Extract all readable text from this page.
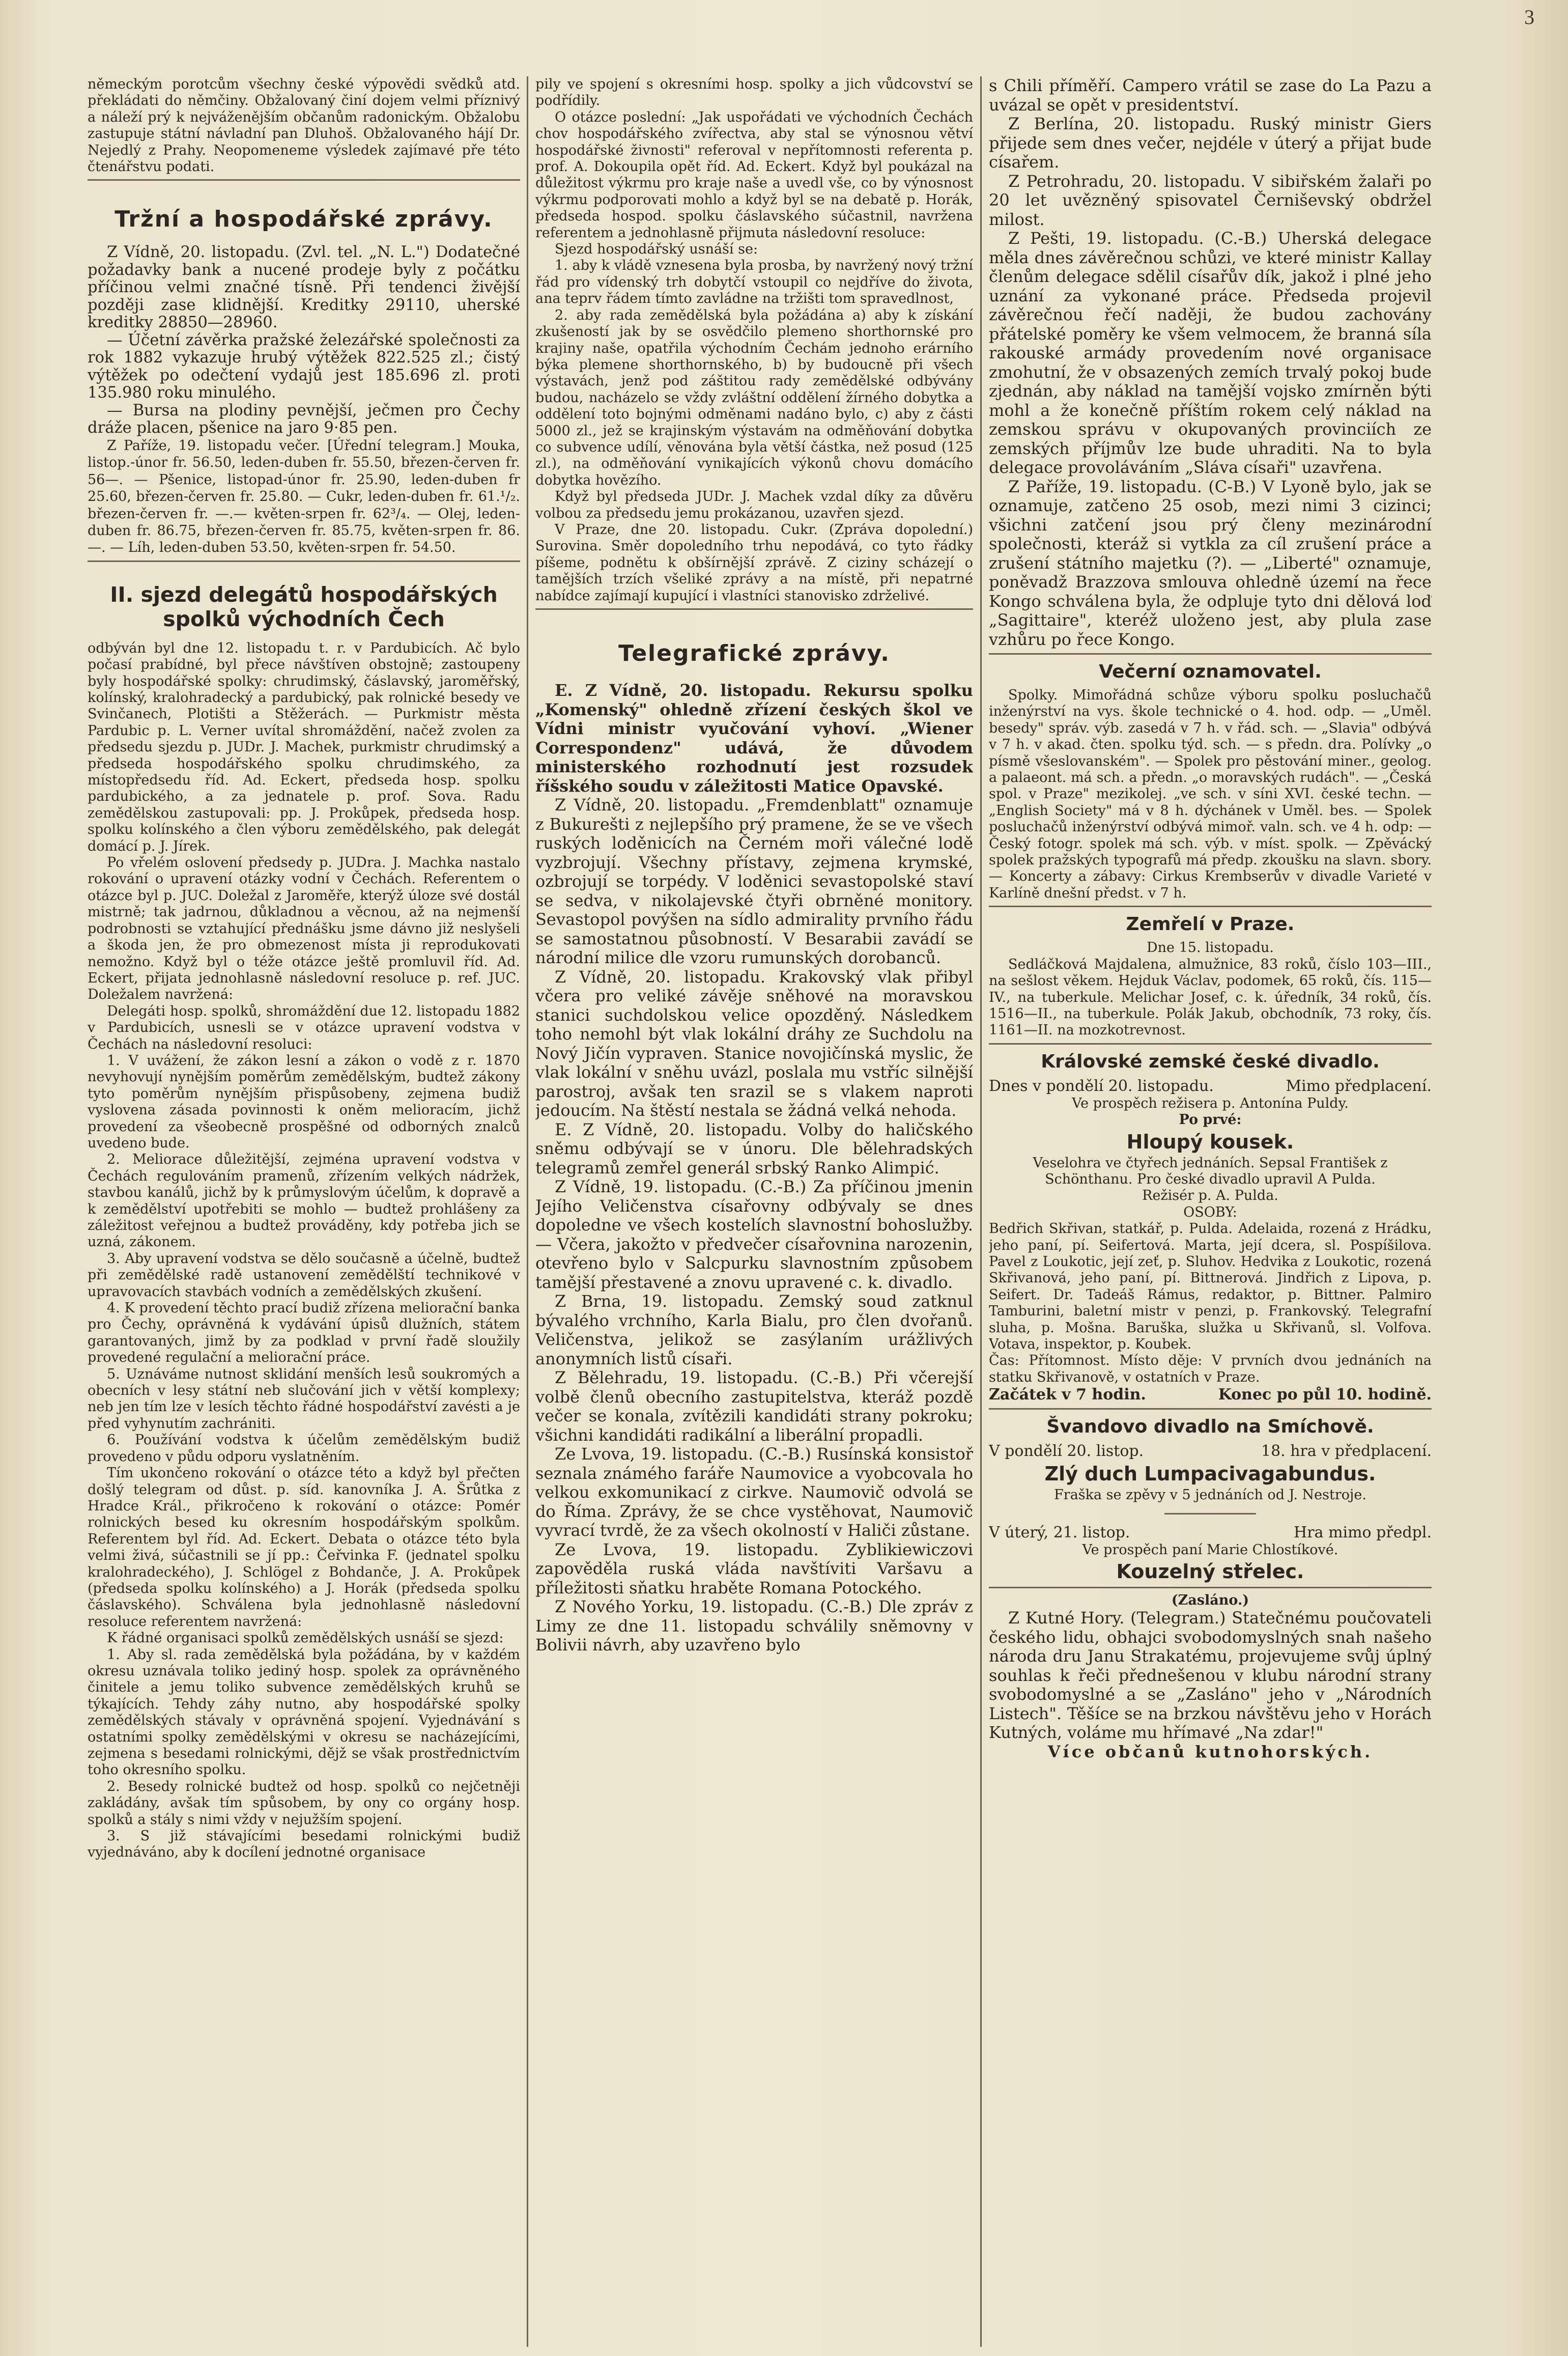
3

německým porotcům všechny české výpovědi svědků atd. překládati do němčiny. Obžalovaný činí dojem velmi příznivý a náleží prý k nejváženějším občanům radonickým. Obžalobu zastupuje státní návladní pan Dluhoš. Obžalovaného hájí Dr. Nejedlý z Prahy. Neopomeneme výsledek zajímavé pře této čtenářstvu podati.

Tržní a hospodářské zprávy.

Z Vídně, 20. listopadu. (Zvl. tel. „N. L.") Dodatečné požadavky bank a nucené prodeje byly z počátku příčinou velmi značné tísně. Při tendenci živější později zase klidnější. Kreditky 29110, uherské kreditky 28850—28960.

— Účetní závěrka pražské železářské společnosti za rok 1882 vykazuje hrubý výtěžek 822.525 zl.; čistý výtěžek po odečtení vydajů jest 185.696 zl. proti 135.980 roku minulého.

— Bursa na plodiny pevnější, ječmen pro Čechy dráže placen, pšenice na jaro 9·85 pen.

Z Paříže, 19. listopadu večer. [Úřední telegram.] Mouka, listop.-únor fr. 56.50, leden-duben fr. 55.50, březen-červen fr. 56—. — Pšenice, listopad-únor fr. 25.90, leden-duben fr 25.60, březen-červen fr. 25.80. — Cukr, leden-duben fr. 61.¹/₂. březen-červen fr. —.— květen-srpen fr. 62³/₄. — Olej, leden-duben fr. 86.75, březen-červen fr. 85.75, květen-srpen fr. 86.—. — Líh, leden-duben 53.50, květen-srpen fr. 54.50.

II. sjezd delegátů hospodářských spolků východních Čech

odbýván byl dne 12. listopadu t. r. v Pardubicích. Ač bylo počasí prabídné, byl přece návštíven obstojně; zastoupeny byly hospodářské spolky: chrudimský, čáslavský, jaroměřský, kolínský, kralohradecký a pardubický, pak rolnické besedy ve Svinčanech, Plotišti a Stěžerách. — Purkmistr města Pardubic p. L. Verner uvítal shromáždění, načež zvolen za předsedu sjezdu p. JUDr. J. Machek, purkmistr chrudimský a předseda hospodářského spolku chrudimského, za místopředsedu říd. Ad. Eckert, předseda hosp. spolku pardubického, a za jednatele p. prof. Sova. Radu zemědělskou zastupovali: pp. J. Prokůpek, předseda hosp. spolku kolínského a člen výboru zemědělského, pak delegát domácí p. J. Jírek.

Po vřelém oslovení předsedy p. JUDra. J. Machka nastalo rokování o upravení otázky vodní v Čechách. Referentem o otázce byl p. JUC. Doležal z Jaroměře, kterýž úloze své dostál mistrně; tak jadrnou, důkladnou a věcnou, až na nejmenší podrobnosti se vztahující přednášku jsme dávno již neslyšeli a škoda jen, že pro obmezenost místa ji reprodukovati nemožno. Když byl o téže otázce ještě promluvil říd. Ad. Eckert, přijata jednohlasně následovní resoluce p. ref. JUC. Doležalem navržená:

Delegáti hosp. spolků, shromáždění due 12. listopadu 1882 v Pardubicích, usnesli se v otázce upravení vodstva v Čechách na následovní resoluci:

1. V uvážení, že zákon lesní a zákon o vodě z r. 1870 nevyhovují nynějším poměrům zemědělským, budtež zákony tyto poměrům nynějším přispůsobeny, zejmena budiž vyslovena zásada povinnosti k oněm melioracím, jichž provedení za všeobecně prospěšné od odborných znalců uvedeno bude.

2. Meliorace důležitější, zejména upravení vodstva v Čechách regulováním pramenů, zřízením velkých nádržek, stavbou kanálů, jichž by k průmyslovým účelům, k dopravě a k zemědělství upotřebiti se mohlo — budtež prohlášeny za záležitost veřejnou a budtež prováděny, kdy potřeba jich se uzná, zákonem.

3. Aby upravení vodstva se dělo současně a účelně, budtež při zemědělské radě ustanovení zemědělští technikové v upravovacích stavbách vodních a zemědělských zkušení.

4. K provedení těchto prací budiž zřízena meliorační banka pro Čechy, oprávněná k vydávání úpisů dlužních, státem garantovaných, jimž by za podklad v první řadě sloužily provedené regulační a meliorační práce.

5. Uznáváme nutnost sklidání menších lesů soukromých a obecních v lesy státní neb slučování jich v větší komplexy; neb jen tím lze v lesích těchto řádné hospodářství zavésti a je před vyhynutím zachrániti.

6. Používání vodstva k účelům zemědělským budiž provedeno v půdu odporu vyslatněním.

Tím ukončeno rokování o otázce této a když byl přečten došlý telegram od důst. p. síd. kanovníka J. A. Šrůtka z Hradce Král., přikročeno k rokování o otázce: Pomér rolnických besed ku okresním hospodářským spolkům. Referentem byl říd. Ad. Eckert. Debata o otázce této byla velmi živá, súčastnili se jí pp.: Čeřvinka F. (jednatel spolku kralohradeckého), J. Schlögel z Bohdanče, J. A. Prokůpek (předseda spolku kolínského) a J. Horák (předseda spolku čáslavského). Schválena byla jednohlasně následovní resoluce referentem navržená:

K řádné organisaci spolků zemědělských usnáší se sjezd:

1. Aby sl. rada zemědělská byla požádána, by v každém okresu uznávala toliko jediný hosp. spolek za oprávněného činitele a jemu toliko subvence zemědělských kruhů se týkajících. Tehdy záhy nutno, aby hospodářské spolky zemědělských stávaly v oprávněná spojení. Vyjednávání s ostatními spolky zemědělskými v okresu se nacházejícími, zejmena s besedami rolnickými, dějž se však prostřednictvím toho okresního spolku.

2. Besedy rolnické budtež od hosp. spolků co nejčetněji zakládány, avšak tím spůsobem, by ony co orgány hosp. spolků a stály s nimi vždy v nejužším spojení.

3. S již stávajícími besedami rolnickými budiž vyjednáváno, aby k docílení jednotné organisace

pily ve spojení s okresními hosp. spolky a jich vůdcovství se podřídily.

O otázce poslední: „Jak uspořádati ve východních Čechách chov hospodářského zvířectva, aby stal se výnosnou větví hospodářské živnosti" referoval v nepřítomnosti referenta p. prof. A. Dokoupila opět říd. Ad. Eckert. Když byl poukázal na důležitost výkrmu pro kraje naše a uvedl vše, co by výnosnost výkrmu podporovati mohlo a když byl se na debatě p. Horák, předseda hospod. spolku čáslavského súčastnil, navržena referentem a jednohlasně přijmuta následovní resoluce:

Sjezd hospodářský usnáší se:

1. aby k vládě vznesena byla prosba, by navržený nový tržní řád pro vídenský trh dobytčí vstoupil co nejdříve do života, ana teprv řádem tímto zavládne na tržišti tom spravedlnost,

2. aby rada zemědělská byla požádána a) aby k získání zkušeností jak by se osvědčilo plemeno shorthornské pro krajiny naše, opatřila východním Čechám jednoho erárního býka plemene shorthornského, b) by budoucně při všech výstavách, jenž pod záštitou rady zemědělské odbývány budou, nacházelo se vždy zvláštní oddělení žírného dobytka a oddělení toto bojnými odměnami nadáno bylo, c) aby z části 5000 zl., jež se krajinským výstavám na odměňování dobytka co subvence udílí, věnována byla větší částka, než posud (125 zl.), na odměňování vynikajících výkonů chovu domácího dobytka hovězího.

Když byl předseda JUDr. J. Machek vzdal díky za důvěru volbou za předsedu jemu prokázanou, uzavřen sjezd.

V Praze, dne 20. listopadu. Cukr. (Zpráva dopolední.) Surovina. Směr dopoledního trhu nepodává, co tyto řádky píšeme, podnětu k obšírnější zprávě. Z ciziny scházejí o tamějších trzích všeliké zprávy a na místě, při nepatrné nabídce zajímají kupující i vlastníci stanovisko zdrželivé.

Telegrafické zprávy.

E. Z Vídně, 20. listopadu. Rekursu spolku „Komenský" ohledně zřízení českých škol ve Vídni ministr vyučování vyhoví. „Wiener Correspondenz" udává, že důvodem ministerského rozhodnutí jest rozsudek říšského soudu v záležitosti Matice Opavské.

Z Vídně, 20. listopadu. „Fremdenblatt" oznamuje z Bukurešti z nejlepšího prý pramene, že se ve všech ruských loděnicích na Černém moři válečné lodě vyzbrojují. Všechny přístavy, zejmena krymské, ozbrojují se torpédy. V loděnici sevastopolské staví se sedva, v nikolajevské čtyři obrněné monitory. Sevastopol povýšen na sídlo admirality prvního řádu se samostatnou působností. V Besarabii zavádí se národní milice dle vzoru rumunských dorobanců.

Z Vídně, 20. listopadu. Krakovský vlak přibyl včera pro veliké závěje sněhové na moravskou stanici suchdolskou velice opozděný. Následkem toho nemohl být vlak lokální dráhy ze Suchdolu na Nový Jičín vypraven. Stanice novojičínská myslic, že vlak lokální v sněhu uvázl, poslala mu vstříc silnější parostroj, avšak ten srazil se s vlakem naproti jedoucím. Na štěstí nestala se žádná velká nehoda.

E. Z Vídně, 20. listopadu. Volby do haličského sněmu odbývají se v únoru. Dle bělehradských telegramů zemřel generál srbský Ranko Alimpić.

Z Vídně, 19. listopadu. (C.-B.) Za příčinou jmenin Jejího Veličenstva císařovny odbývaly se dnes dopoledne ve všech kostelích slavnostní bohoslužby. — Včera, jakožto v předvečer císařovnina narozenin, otevřeno bylo v Salcpurku slavnostním způsobem tamější přestavené a znovu upravené c. k. divadlo.

Z Brna, 19. listopadu. Zemský soud zatknul bývalého vrchního, Karla Bialu, pro člen dvořanů. Veličenstva, jelikož se zasýlaním urážlivých anonymních listů císaři.

Z Bělehradu, 19. listopadu. (C.-B.) Při včerejší volbě členů obecního zastupitelstva, kteráž pozdě večer se konala, zvítězili kandidáti strany pokroku; všichni kandidáti radikální a liberální propadli.

Ze Lvova, 19. listopadu. (C.-B.) Rusínská konsistoř seznala známého faráře Naumovice a vyobcovala ho velkou exkomunikací z cirkve. Naumovič odvolá se do Říma. Zprávy, že se chce vystěhovat, Naumovič vyvrací tvrdě, že za všech okolností v Haliči zůstane.

Ze Lvova, 19. listopadu. Zyblikiewiczovi zapověděla ruská vláda navštíviti Varšavu a příležitosti sňatku hraběte Romana Potockého.

Z Nového Yorku, 19. listopadu. (C.-B.) Dle zpráv z Limy ze dne 11. listopadu schválily sněmovny v Bolivii návrh, aby uzavřeno bylo

s Chili příměří. Campero vrátil se zase do La Pazu a uvázal se opět v presidentství.

Z Berlína, 20. listopadu. Ruský ministr Giers přijede sem dnes večer, nejdéle v úterý a přijat bude císařem.

Z Petrohradu, 20. listopadu. V sibiřském žalaři po 20 let uvězněný spisovatel Černiševský obdržel milost.

Z Pešti, 19. listopadu. (C.-B.) Uherská delegace měla dnes závěrečnou schůzi, ve které ministr Kallay členům delegace sdělil císařův dík, jakož i plné jeho uznání za vykonané práce. Předseda projevil závěrečnou řečí naději, že budou zachovány přátelské poměry ke všem velmocem, že branná síla rakouské armády provedením nové organisace zmohutní, že v obsazených zemích trvalý pokoj bude zjednán, aby náklad na tamější vojsko zmírněn býti mohl a že konečně příštím rokem celý náklad na zemskou správu v okupovaných provinciích ze zemských příjmův lze bude uhraditi. Na to byla delegace provoláváním „Sláva císaři" uzavřena.

Z Paříže, 19. listopadu. (C-B.) V Lyoně bylo, jak se oznamuje, zatčeno 25 osob, mezi nimi 3 cizinci; všichni zatčení jsou prý členy mezinárodní společnosti, kteráž si vytkla za cíl zrušení práce a zrušení státního majetku (?). — „Liberté" oznamuje, poněvadž Brazzova smlouva ohledně území na řece Kongo schválena byla, že odpluje tyto dni dělová loď „Sagittaire", kteréž uloženo jest, aby plula zase vzhůru po řece Kongo.

Večerní oznamovatel.

Spolky. Mimořádná schůze výboru spolku posluchačů inženýrství na vys. škole technické o 4. hod. odp. — „Uměl. besedy" správ. výb. zasedá v 7 h. v řád. sch. — „Slavia" odbývá v 7 h. v akad. čten. spolku týd. sch. — s předn. dra. Polívky „o písmě všeslovanském". — Spolek pro pěstování miner., geolog. a palaeont. má sch. a předn. „o moravských rudách". — „Česká spol. v Praze" mezikolej. „ve sch. v síni XVI. české techn. — „English Society" má v 8 h. dýchánek v Uměl. bes. — Spolek posluchačů inženýrství odbývá mimoř. valn. sch. ve 4 h. odp: — Český fotogr. spolek má sch. výb. v míst. spolk. — Zpěvácký spolek pražských typografů má předp. zkoušku na slavn. sbory. — Koncerty a zábavy: Cirkus Krembserův v divadle Varieté v Karlíně dnešní předst. v 7 h.

Zemřelí v Praze.

Dne 15. listopadu.

Sedláčková Majdalena, almužnice, 83 roků, číslo 103—III., na sešlost věkem. Hejduk Václav, podomek, 65 roků, čís. 115—IV., na tuberkule. Melichar Josef, c. k. úředník, 34 roků, čís. 1516—II., na tuberkule. Polák Jakub, obchodník, 73 roky, čís. 1161—II. na mozkotrevnost.

Královské zemské české divadlo.
Dnes v pondělí 20. listopadu.	Mimo předplacení.

Ve prospěch režisera p. Antonína Puldy.

Po prvé:

Hloupý kousek.

Veselohra ve čtyřech jednáních. Sepsal František z Schönthanu. Pro české divadlo upravil A Pulda.

Režisér p. A. Pulda.

OSOBY:

Bedřich Skřivan, statkář, p. Pulda. Adelaida, rozená z Hrádku, jeho paní, pí. Seifertová. Marta, její dcera, sl. Pospíšilova. Pavel z Loukotic, její zeť, p. Sluhov. Hedvika z Loukotic, rozená Skřivanová, jeho paní, pí. Bittnerová. Jindřich z Lipova, p. Seifert. Dr. Tadeáš Rámus, redaktor, p. Bittner. Palmiro Tamburini, baletní mistr v penzi, p. Frankovský. Telegrafní sluha, p. Mošna. Baruška, služka u Skřivanů, sl. Volfova. Votava, inspektor, p. Koubek.

Čas: Přítomnost. Místo děje: V prvních dvou jednáních na statku Skřivanově, v ostatních v Praze.

Začátek v 7 hodin.	Konec po půl 10. hodině.
Švandovo divadlo na Smíchově.
V pondělí 20. listop.	18. hra v předplacení.
Zlý duch Lumpacivagabundus.

Fraška se zpěvy v 5 jednáních od J. Nestroje.

V úterý, 21. listop.	Hra mimo předpl.

Ve prospěch paní Marie Chlostíkové.

Kouzelný střelec.

(Zasláno.)

Z Kutné Hory. (Telegram.) Statečnému poučovateli českého lidu, obhajci svobodomyslných snah našeho národa dru Janu Strakatému, projevujeme svůj úplný souhlas k řeči přednešenou v klubu národní strany svobodomyslné a se „Zasláno" jeho v „Národních Listech". Těšíce se na brzkou návštěvu jeho v Horách Kutných, voláme mu hřímavé „Na zdar!"

Více občanů kutnohorských.
